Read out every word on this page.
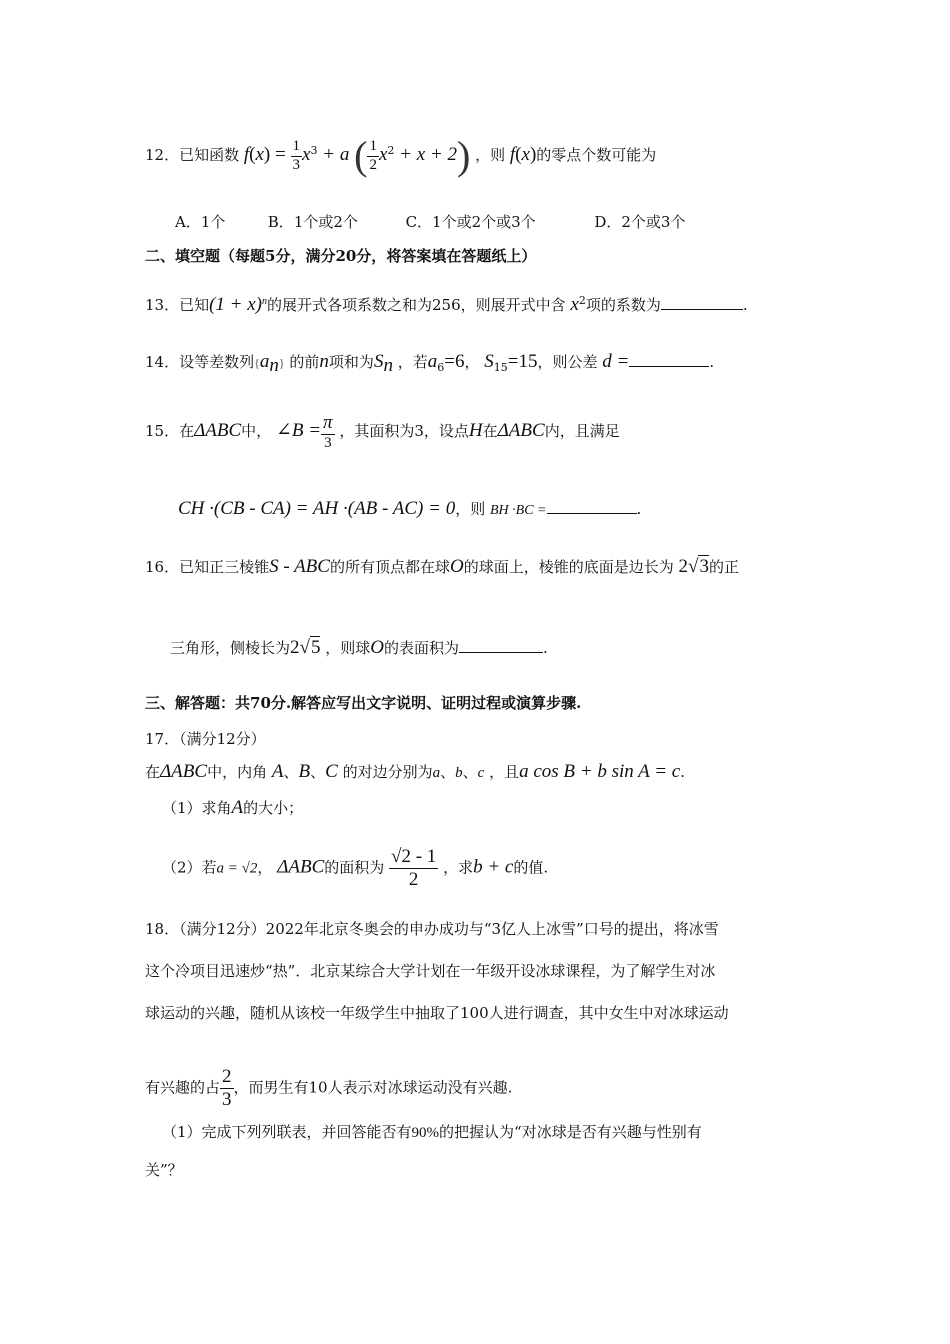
12．已知函数 $f(x) = \frac{1}{3} x^3 + a$ ( $\frac{1}{2} x^2 + x + 2$) ，则 f(x)的零点个数可能为
A．1个	B．1个或2个	C．1个或2个或3个	D．2个或3个
二、填空题（每题5分，满分20分，将答案填在答题纸上）
13．已知$(1 + x)^n$的展开式各项系数之和为256，则展开式中含 $x^2$项的系数为	.
14．设等差数列$\{a_n\}$ 的前n项和为$S_n$ ，若$a_6=6$， $S_{15}=15$，则公差 d =	.
15．在ΔABC中， ∠B = $\frac{\pi}{3}$ ，其面积为3，设点H在ΔABC内，且满足
CH ·(CB - CA) = AH ·(AB - AC) = 0，则 BH ·BC =	.
16．已知正三棱锥S - ABC的所有顶点都在球O的球面上，棱锥的底面是边长为 2√3的正
三角形，侧棱长为2√5 ，则球O的表面积为	.
三、解答题：共70分.解答应写出文字说明、证明过程或演算步骤.
17．（满分12分）
在ΔABC中，内角 A、B、C 的对边分别为a、b、c ，且a cos B + b sin A = c.
（1）求角A的大小；
（2）若a = √2， ΔABC的面积为 $\frac{√2 - 1}{2}$ ，求b + c的值.
18．（满分12分）2022年北京冬奥会的申办成功与“3亿人上冰雪”口号的提出，将冰雪
这个冷项目迅速炒“热”．北京某综合大学计划在一年级开设冰球课程，为了解学生对冰
球运动的兴趣，随机从该校一年级学生中抽取了100人进行调查，其中女生中对冰球运动
有兴趣的占 $\frac{2}{3}$ ，而男生有10人表示对冰球运动没有兴趣.
（1）完成下列列联表，并回答能否有90%的把握认为“对冰球是否有兴趣与性别有
关”？
